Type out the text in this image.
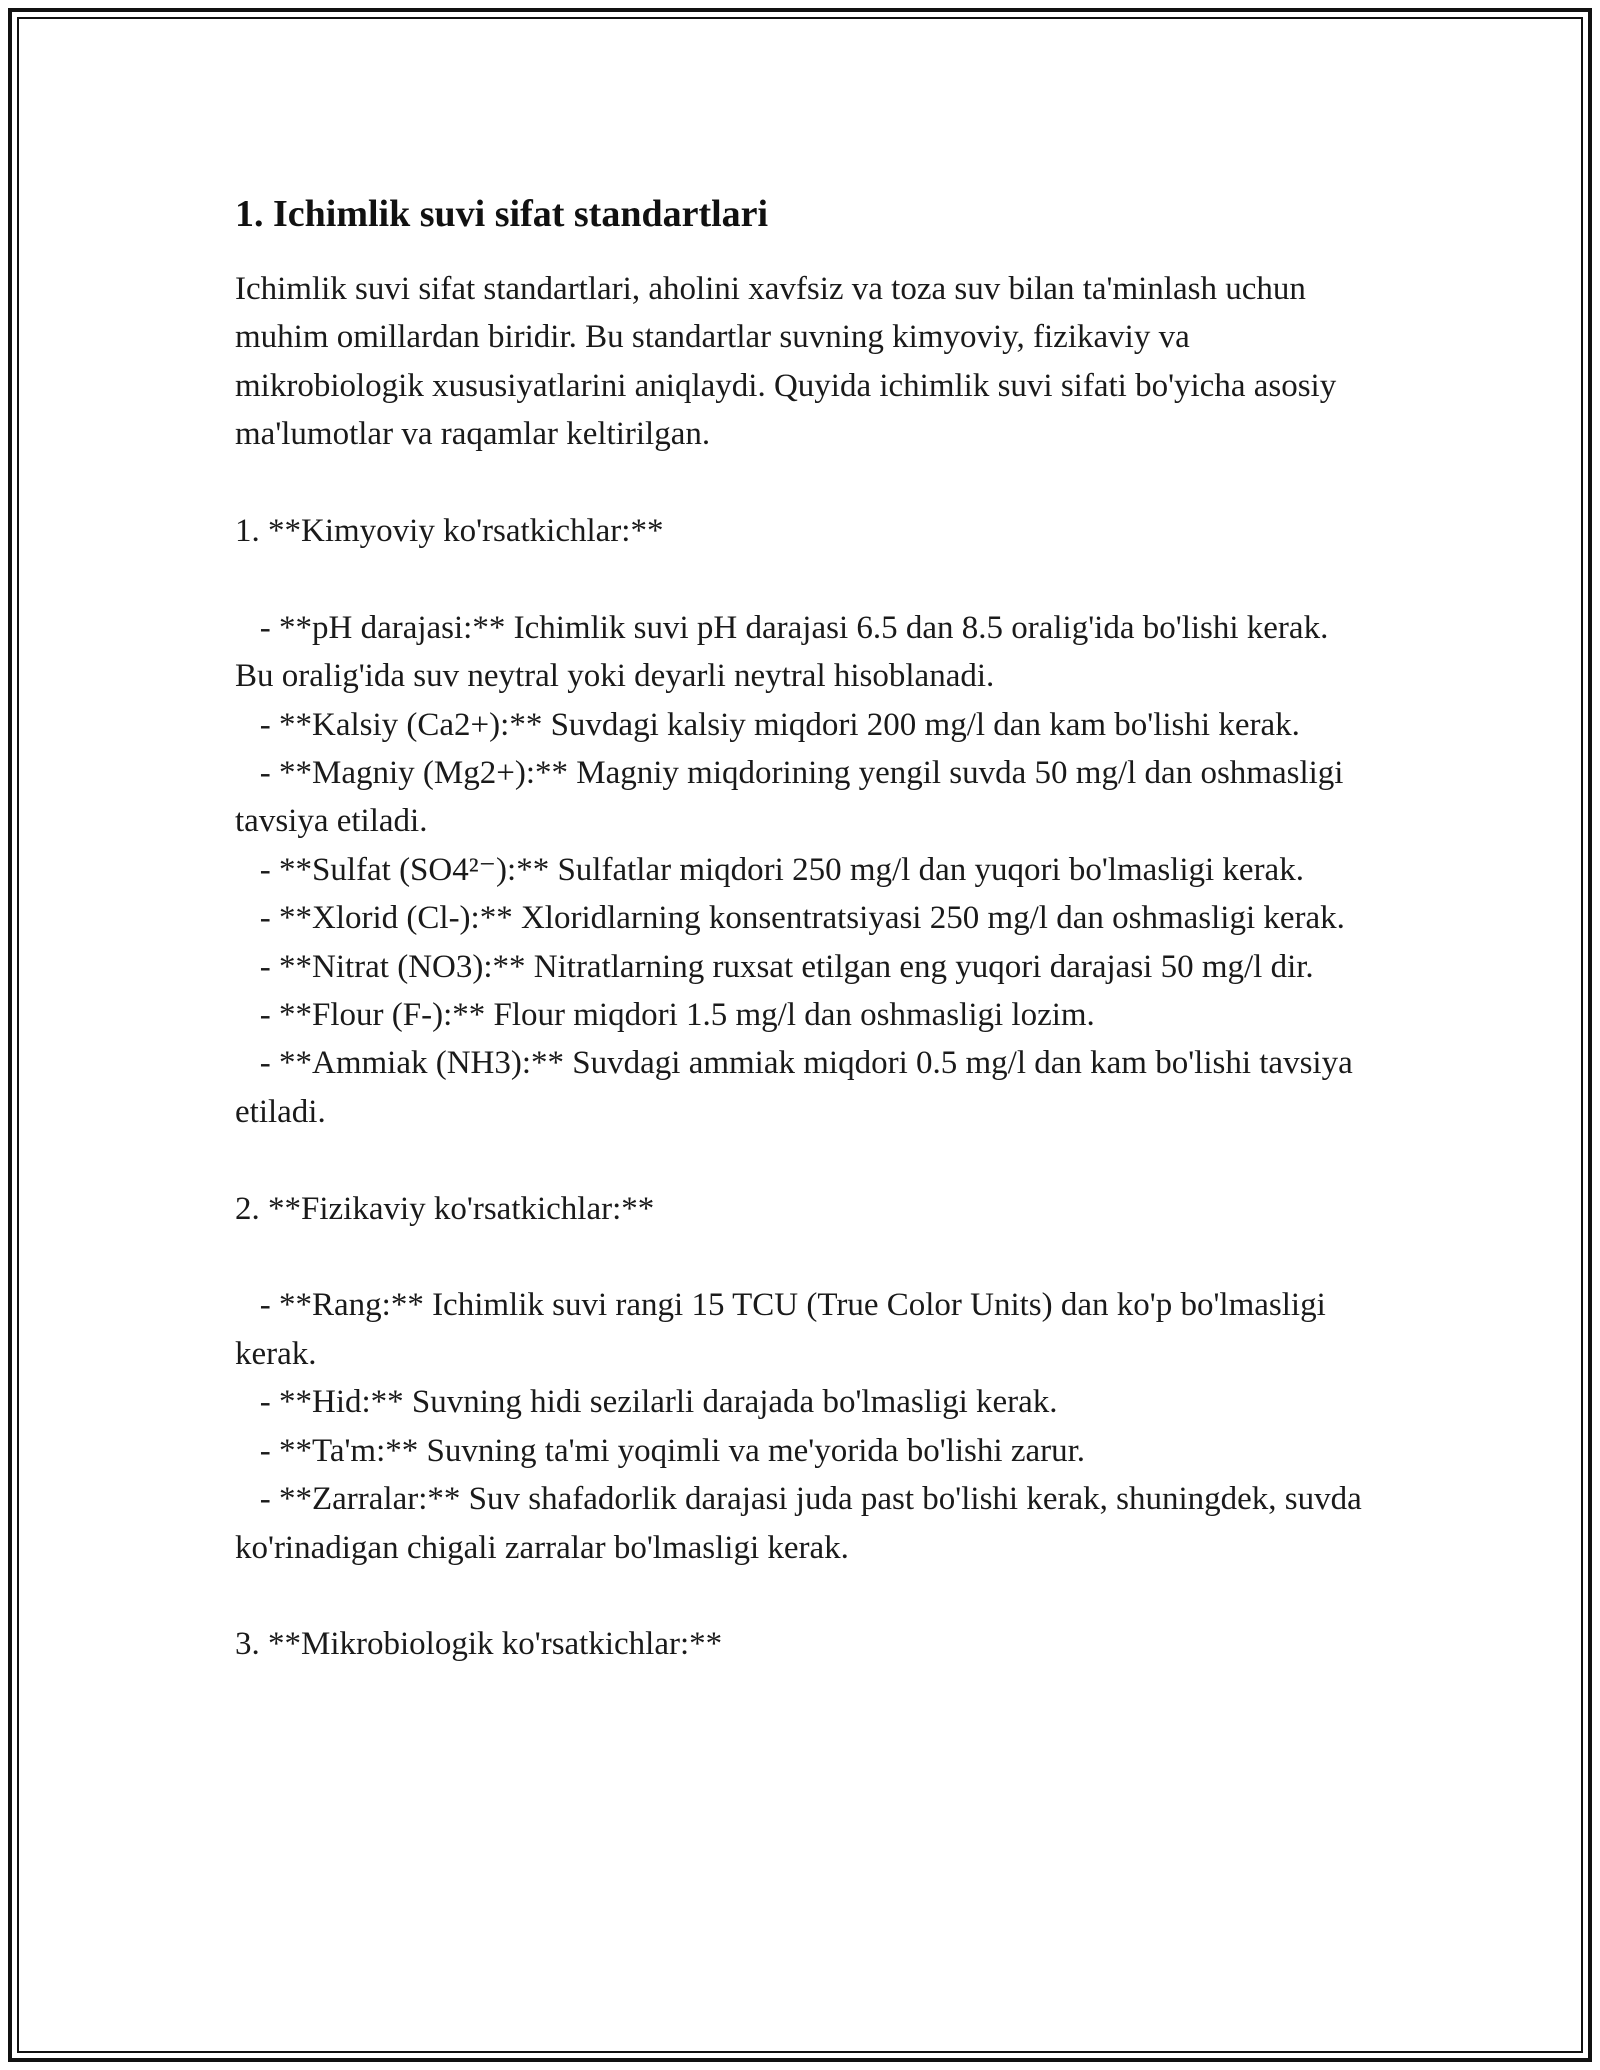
1. Ichimlik suvi sifat standartlari

Ichimlik suvi sifat standartlari, aholini xavfsiz va toza suv bilan ta'minlash uchun muhim omillardan biridir. Bu standartlar suvning kimyoviy, fizikaviy va mikrobiologik xususiyatlarini aniqlaydi. Quyida ichimlik suvi sifati bo'yicha asosiy ma'lumotlar va raqamlar keltirilgan.

1. **Kimyoviy ko'rsatkichlar:**

- **pH darajasi:** Ichimlik suvi pH darajasi 6.5 dan 8.5 oralig'ida bo'lishi kerak. Bu oralig'ida suv neytral yoki deyarli neytral hisoblanadi.

- **Kalsiy (Ca2+):** Suvdagi kalsiy miqdori 200 mg/l dan kam bo'lishi kerak.

- **Magniy (Mg2+):** Magniy miqdorining yengil suvda 50 mg/l dan oshmasligi tavsiya etiladi.

- **Sulfat (SO4²⁻):** Sulfatlar miqdori 250 mg/l dan yuqori bo'lmasligi kerak.

- **Xlorid (Cl-):** Xloridlarning konsentratsiyasi 250 mg/l dan oshmasligi kerak.

- **Nitrat (NO3):** Nitratlarning ruxsat etilgan eng yuqori darajasi 50 mg/l dir.

- **Flour (F-):** Flour miqdori 1.5 mg/l dan oshmasligi lozim.

- **Ammiak (NH3):** Suvdagi ammiak miqdori 0.5 mg/l dan kam bo'lishi tavsiya etiladi.

2. **Fizikaviy ko'rsatkichlar:**

- **Rang:** Ichimlik suvi rangi 15 TCU (True Color Units) dan ko'p bo'lmasligi kerak.

- **Hid:** Suvning hidi sezilarli darajada bo'lmasligi kerak.

- **Ta'm:** Suvning ta'mi yoqimli va me'yorida bo'lishi zarur.

- **Zarralar:** Suv shafadorlik darajasi juda past bo'lishi kerak, shuningdek, suvda ko'rinadigan chigali zarralar bo'lmasligi kerak.

3. **Mikrobiologik ko'rsatkichlar:**
